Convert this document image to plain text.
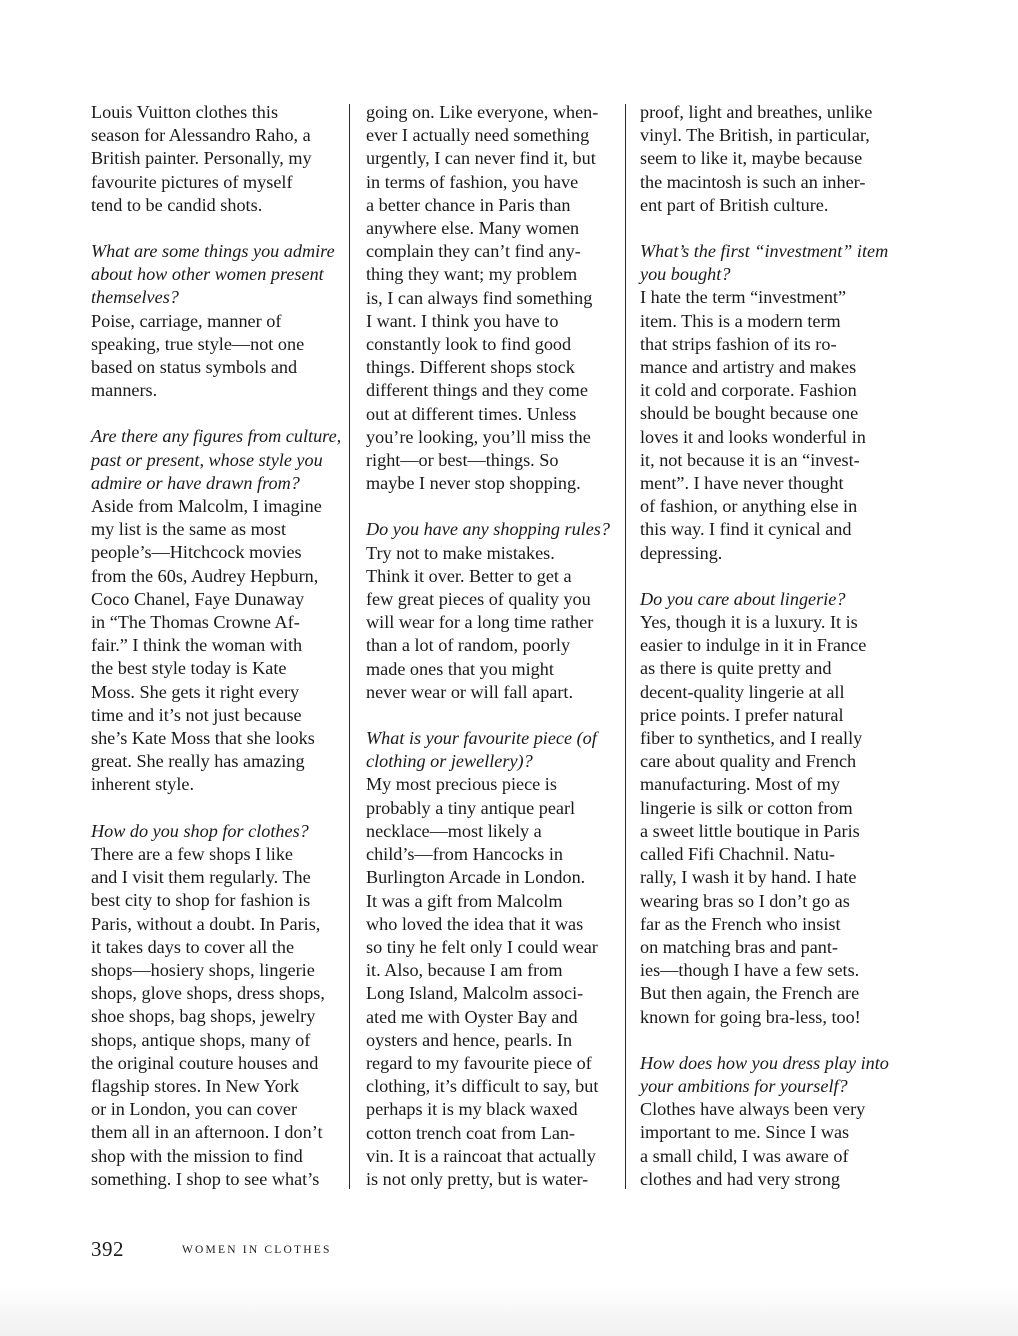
Louis Vuitton clothes this
season for Alessandro Raho, a
British painter. Personally, my
favourite pictures of myself
tend to be candid shots.

What are some things you admire
about how other women present
themselves?

Poise, carriage, manner of
speaking, true style—not one
based on status symbols and
manners.

Are there any figures from culture,
past or present, whose style you
admire or have drawn from?

Aside from Malcolm, I imagine
my list is the same as most
people’s—Hitchcock movies
from the 60s, Audrey Hepburn,
Coco Chanel, Faye Dunaway
in “The Thomas Crowne Af-
fair.” I think the woman with
the best style today is Kate
Moss. She gets it right every
time and it’s not just because
she’s Kate Moss that she looks
great. She really has amazing
inherent style.

How do you shop for clothes?

There are a few shops I like
and I visit them regularly. The
best city to shop for fashion is
Paris, without a doubt. In Paris,
it takes days to cover all the
shops—hosiery shops, lingerie
shops, glove shops, dress shops,
shoe shops, bag shops, jewelry
shops, antique shops, many of
the original couture houses and
flagship stores. In New York
or in London, you can cover
them all in an afternoon. I don’t
shop with the mission to find
something. I shop to see what’s

going on. Like everyone, when-
ever I actually need something
urgently, I can never find it, but
in terms of fashion, you have
a better chance in Paris than
anywhere else. Many women
complain they can’t find any-
thing they want; my problem
is, I can always find something
I want. I think you have to
constantly look to find good
things. Different shops stock
different things and they come
out at different times. Unless
you’re looking, you’ll miss the
right—or best—things. So
maybe I never stop shopping.

Do you have any shopping rules?

Try not to make mistakes.
Think it over. Better to get a
few great pieces of quality you
will wear for a long time rather
than a lot of random, poorly
made ones that you might
never wear or will fall apart.

What is your favourite piece (of
clothing or jewellery)?

My most precious piece is
probably a tiny antique pearl
necklace—most likely a
child’s—from Hancocks in
Burlington Arcade in London.
It was a gift from Malcolm
who loved the idea that it was
so tiny he felt only I could wear
it. Also, because I am from
Long Island, Malcolm associ-
ated me with Oyster Bay and
oysters and hence, pearls. In
regard to my favourite piece of
clothing, it’s difficult to say, but
perhaps it is my black waxed
cotton trench coat from Lan-
vin. It is a raincoat that actually
is not only pretty, but is water-

proof, light and breathes, unlike
vinyl. The British, in particular,
seem to like it, maybe because
the macintosh is such an inher-
ent part of British culture.

What’s the first “investment” item
you bought?

I hate the term “investment”
item. This is a modern term
that strips fashion of its ro-
mance and artistry and makes
it cold and corporate. Fashion
should be bought because one
loves it and looks wonderful in
it, not because it is an “invest-
ment”. I have never thought
of fashion, or anything else in
this way. I find it cynical and
depressing.

Do you care about lingerie?

Yes, though it is a luxury. It is
easier to indulge in it in France
as there is quite pretty and
decent-quality lingerie at all
price points. I prefer natural
fiber to synthetics, and I really
care about quality and French
manufacturing. Most of my
lingerie is silk or cotton from
a sweet little boutique in Paris
called Fifi Chachnil. Natu-
rally, I wash it by hand. I hate
wearing bras so I don’t go as
far as the French who insist
on matching bras and pant-
ies—though I have a few sets.
But then again, the French are
known for going bra-less, too!

How does how you dress play into
your ambitions for yourself?

Clothes have always been very
important to me. Since I was
a small child, I was aware of
clothes and had very strong

392	WOMEN IN CLOTHES
